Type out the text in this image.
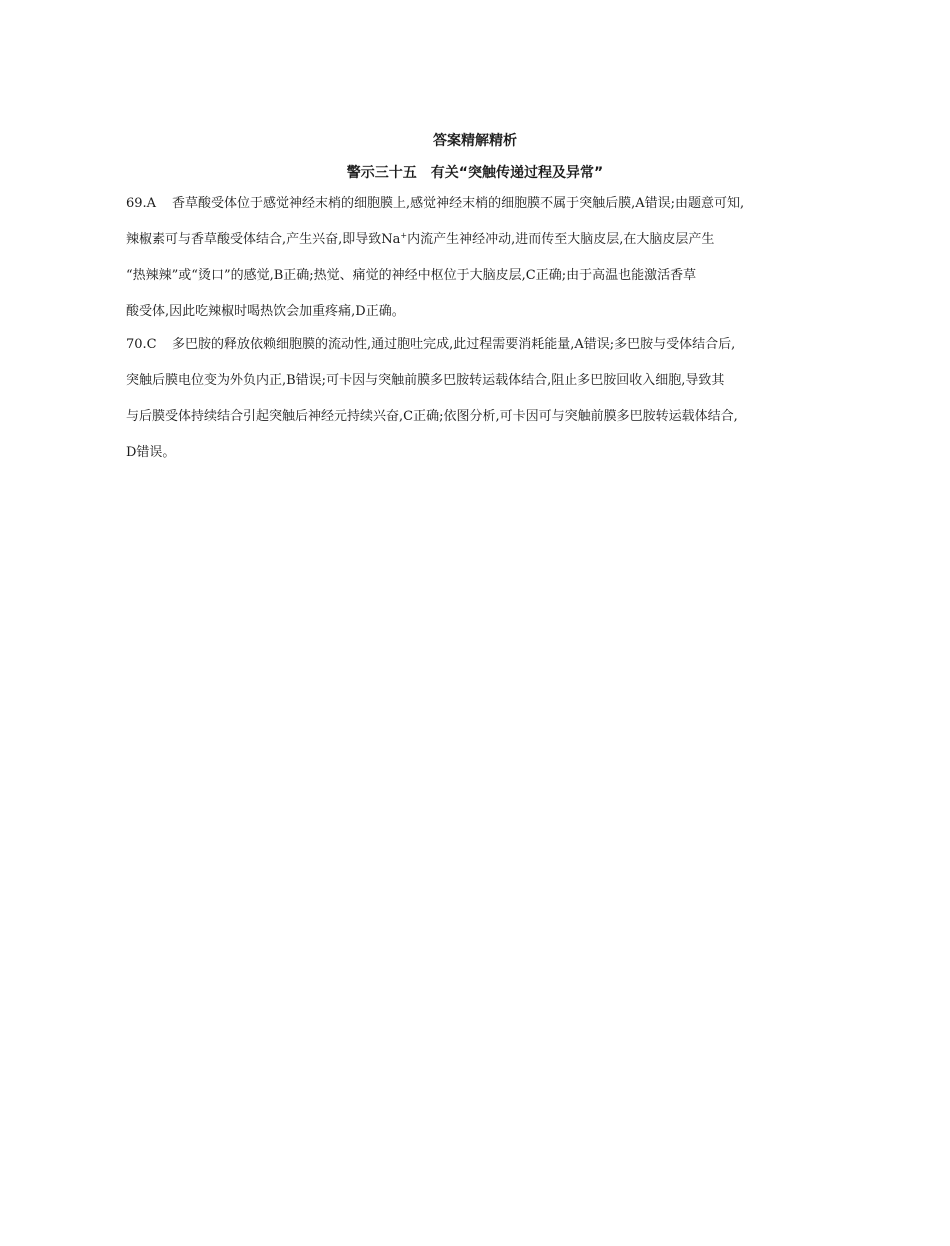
答案精解精析
警示三十五　有关“突触传递过程及异常”
69.A 香草酸受体位于感觉神经末梢的细胞膜上,感觉神经末梢的细胞膜不属于突触后膜,A错误;由题意可知,
辣椒素可与香草酸受体结合,产生兴奋,即导致Na+内流产生神经冲动,进而传至大脑皮层,在大脑皮层产生
“热辣辣”或“烫口”的感觉,B正确;热觉、痛觉的神经中枢位于大脑皮层,C正确;由于高温也能激活香草
酸受体,因此吃辣椒时喝热饮会加重疼痛,D正确。
70.C 多巴胺的释放依赖细胞膜的流动性,通过胞吐完成,此过程需要消耗能量,A错误;多巴胺与受体结合后,
突触后膜电位变为外负内正,B错误;可卡因与突触前膜多巴胺转运载体结合,阻止多巴胺回收入细胞,导致其
与后膜受体持续结合引起突触后神经元持续兴奋,C正确;依图分析,可卡因可与突触前膜多巴胺转运载体结合,
D错误。
